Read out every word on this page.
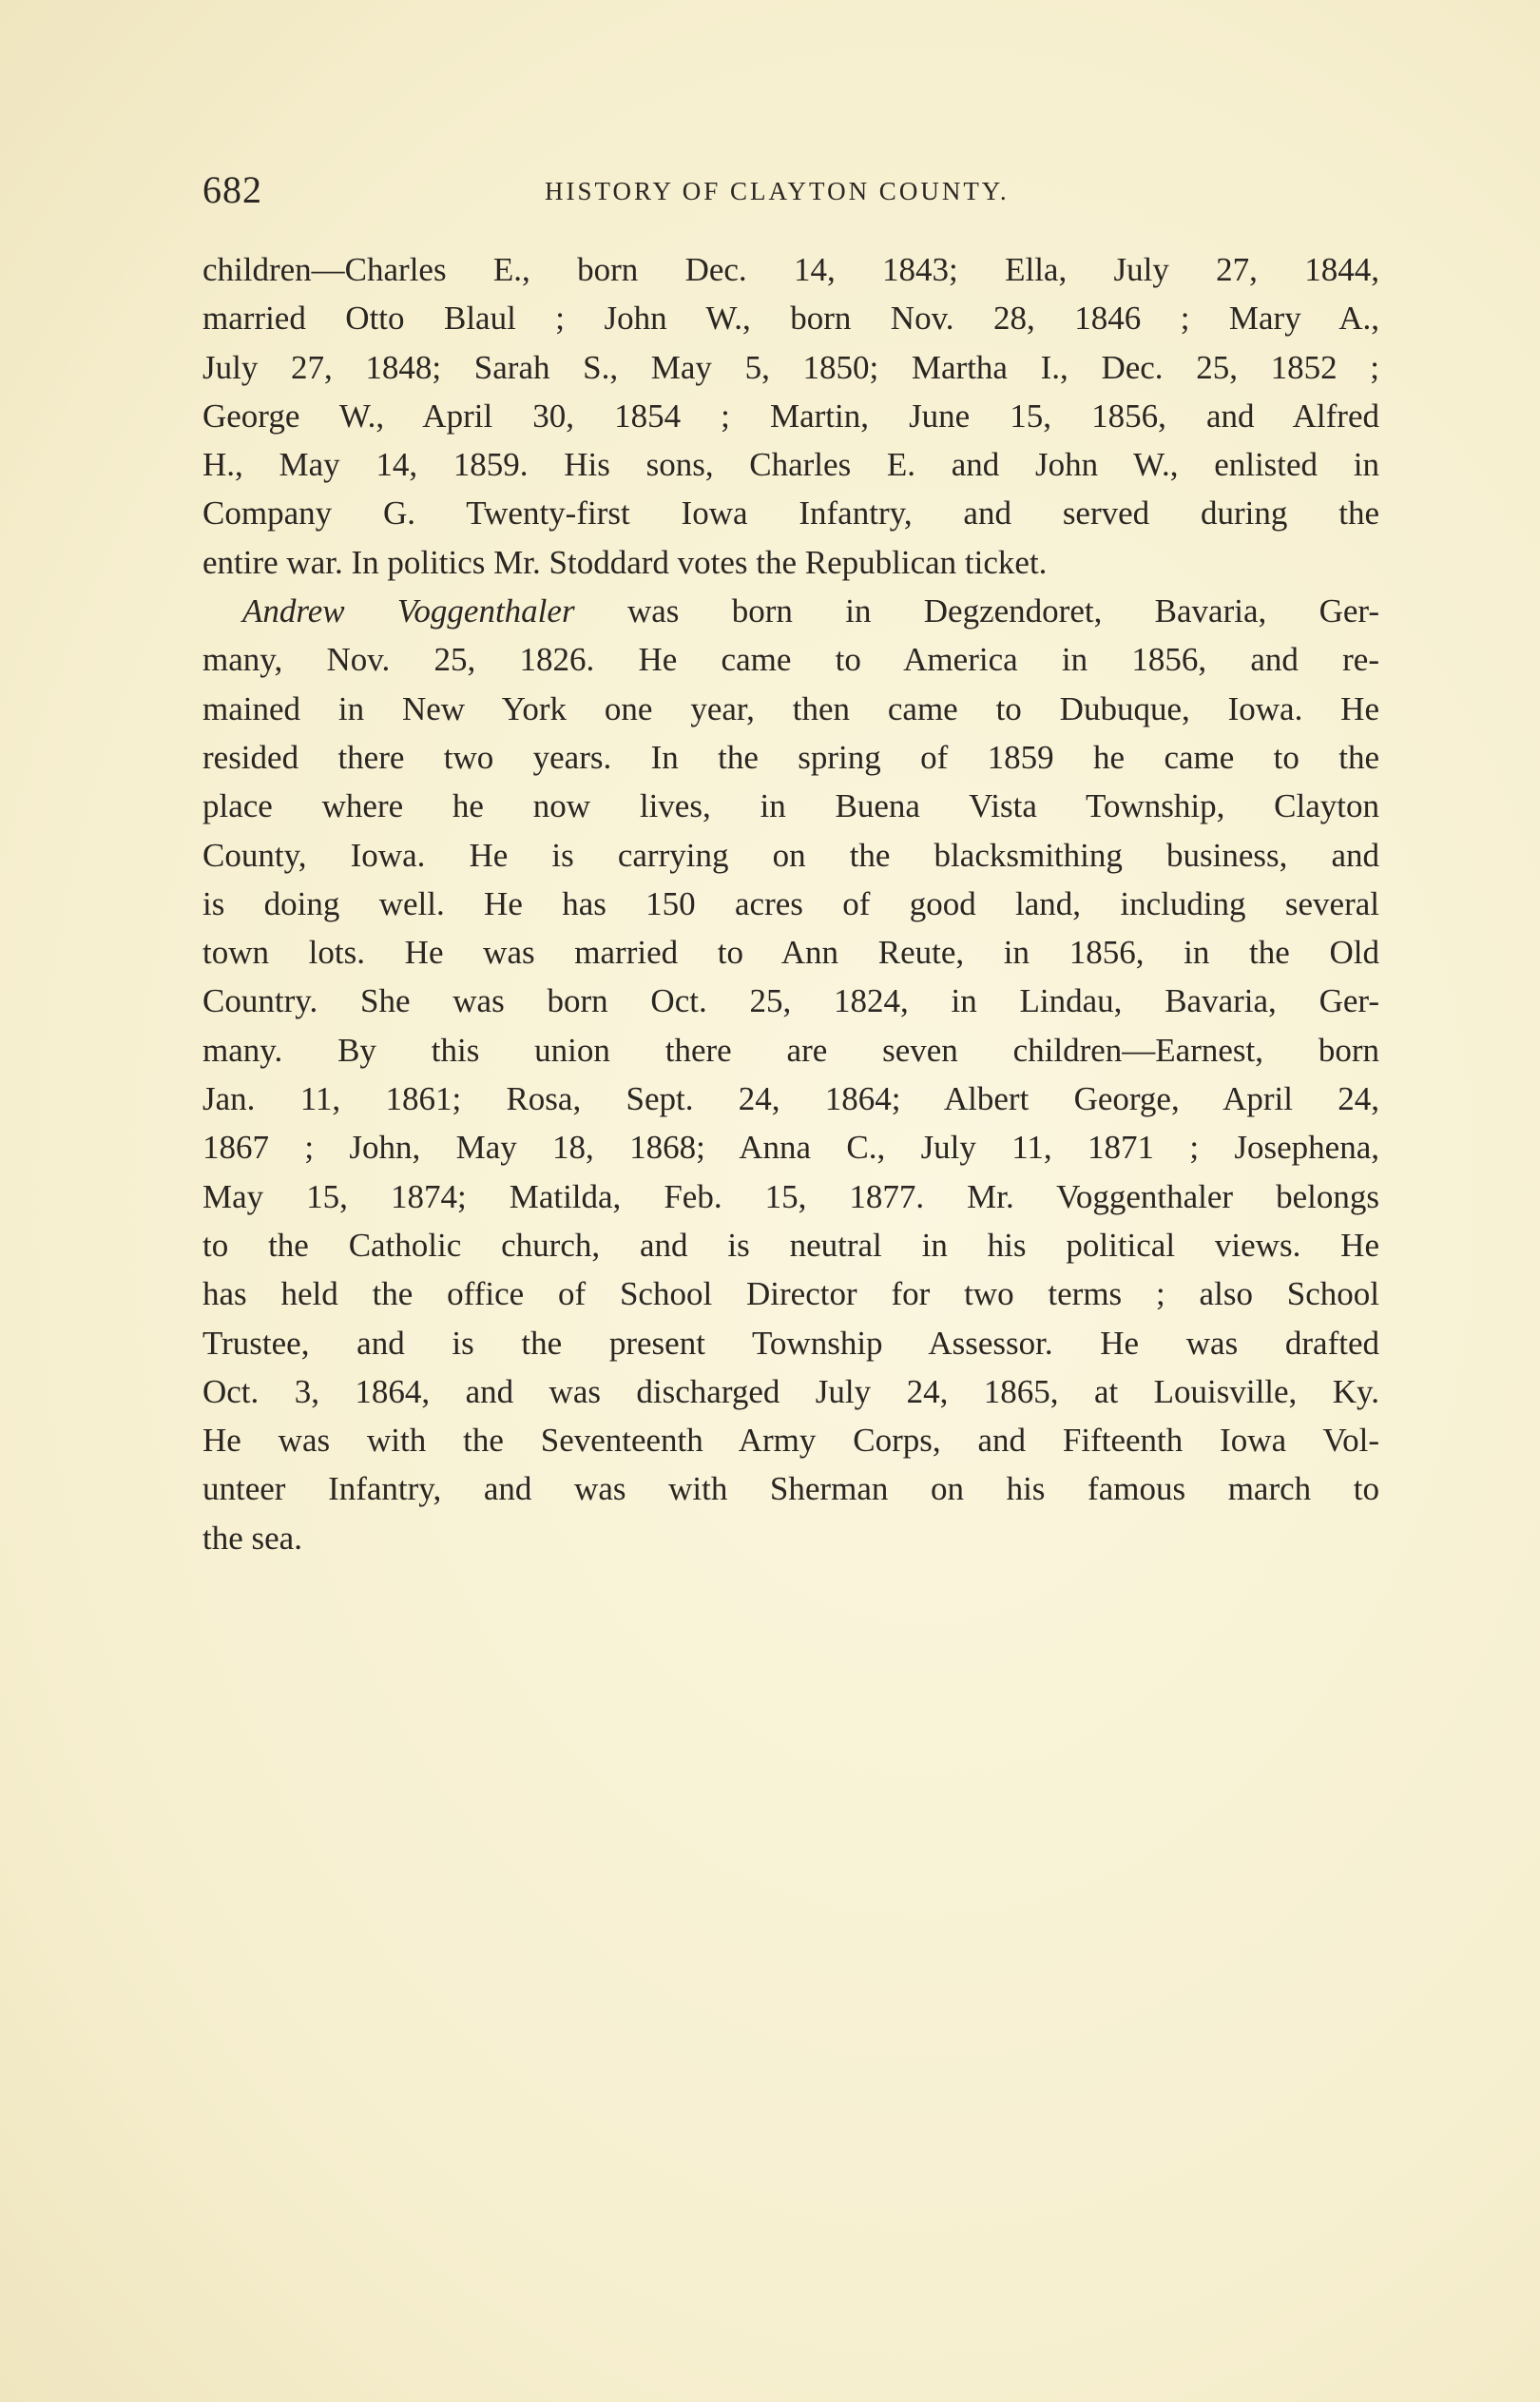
682	HISTORY OF CLAYTON COUNTY.
children—Charles E., born Dec. 14, 1843; Ella, July 27, 1844,
married Otto Blaul ; John W., born Nov. 28, 1846 ; Mary A.,
July 27, 1848; Sarah S., May 5, 1850; Martha I., Dec. 25, 1852 ;
George W., April 30, 1854 ; Martin, June 15, 1856, and Alfred
H., May 14, 1859. His sons, Charles E. and John W., enlisted in
Company G. Twenty-first Iowa Infantry, and served during the
entire war. In politics Mr. Stoddard votes the Republican ticket.
Andrew Voggenthaler was born in Degzendoret, Bavaria, Ger-
many, Nov. 25, 1826. He came to America in 1856, and re-
mained in New York one year, then came to Dubuque, Iowa. He
resided there two years. In the spring of 1859 he came to the
place where he now lives, in Buena Vista Township, Clayton
County, Iowa. He is carrying on the blacksmithing business, and
is doing well. He has 150 acres of good land, including several
town lots. He was married to Ann Reute, in 1856, in the Old
Country. She was born Oct. 25, 1824, in Lindau, Bavaria, Ger-
many. By this union there are seven children—Earnest, born
Jan. 11, 1861; Rosa, Sept. 24, 1864; Albert George, April 24,
1867 ; John, May 18, 1868; Anna C., July 11, 1871 ; Josephena,
May 15, 1874; Matilda, Feb. 15, 1877. Mr. Voggenthaler belongs
to the Catholic church, and is neutral in his political views. He
has held the office of School Director for two terms ; also School
Trustee, and is the present Township Assessor. He was drafted
Oct. 3, 1864, and was discharged July 24, 1865, at Louisville, Ky.
He was with the Seventeenth Army Corps, and Fifteenth Iowa Vol-
unteer Infantry, and was with Sherman on his famous march to
the sea.
